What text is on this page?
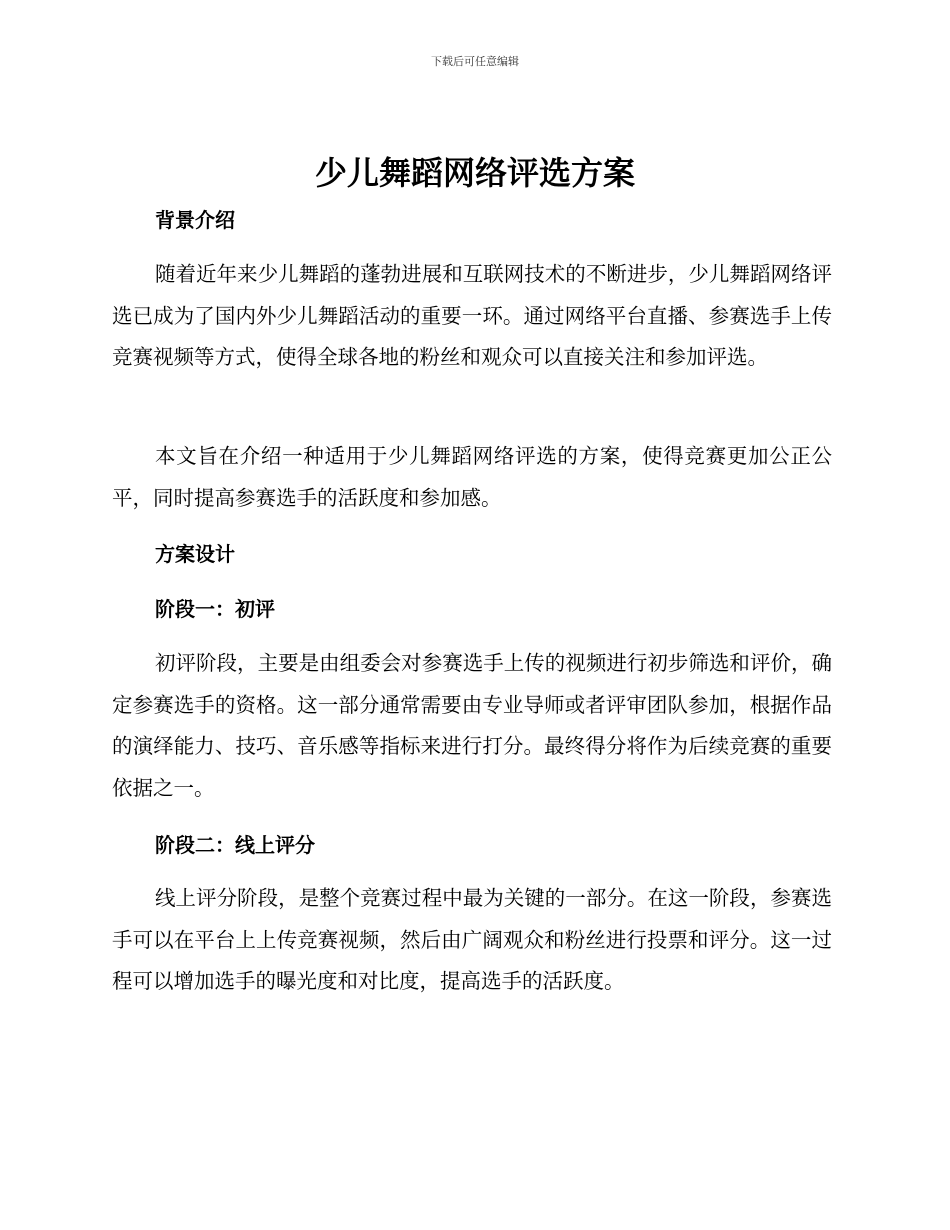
下载后可任意编辑
少儿舞蹈网络评选方案
背景介绍

随着近年来少儿舞蹈的蓬勃进展和互联网技术的不断进步，少儿舞蹈网络评选已成为了国内外少儿舞蹈活动的重要一环。通过网络平台直播、参赛选手上传竞赛视频等方式，使得全球各地的粉丝和观众可以直接关注和参加评选。

本文旨在介绍一种适用于少儿舞蹈网络评选的方案，使得竞赛更加公正公平，同时提高参赛选手的活跃度和参加感。

方案设计
阶段一：初评

初评阶段，主要是由组委会对参赛选手上传的视频进行初步筛选和评价，确定参赛选手的资格。这一部分通常需要由专业导师或者评审团队参加，根据作品的演绎能力、技巧、音乐感等指标来进行打分。最终得分将作为后续竞赛的重要依据之一。

阶段二：线上评分

线上评分阶段，是整个竞赛过程中最为关键的一部分。在这一阶段，参赛选手可以在平台上上传竞赛视频，然后由广阔观众和粉丝进行投票和评分。这一过程可以增加选手的曝光度和对比度，提高选手的活跃度。
